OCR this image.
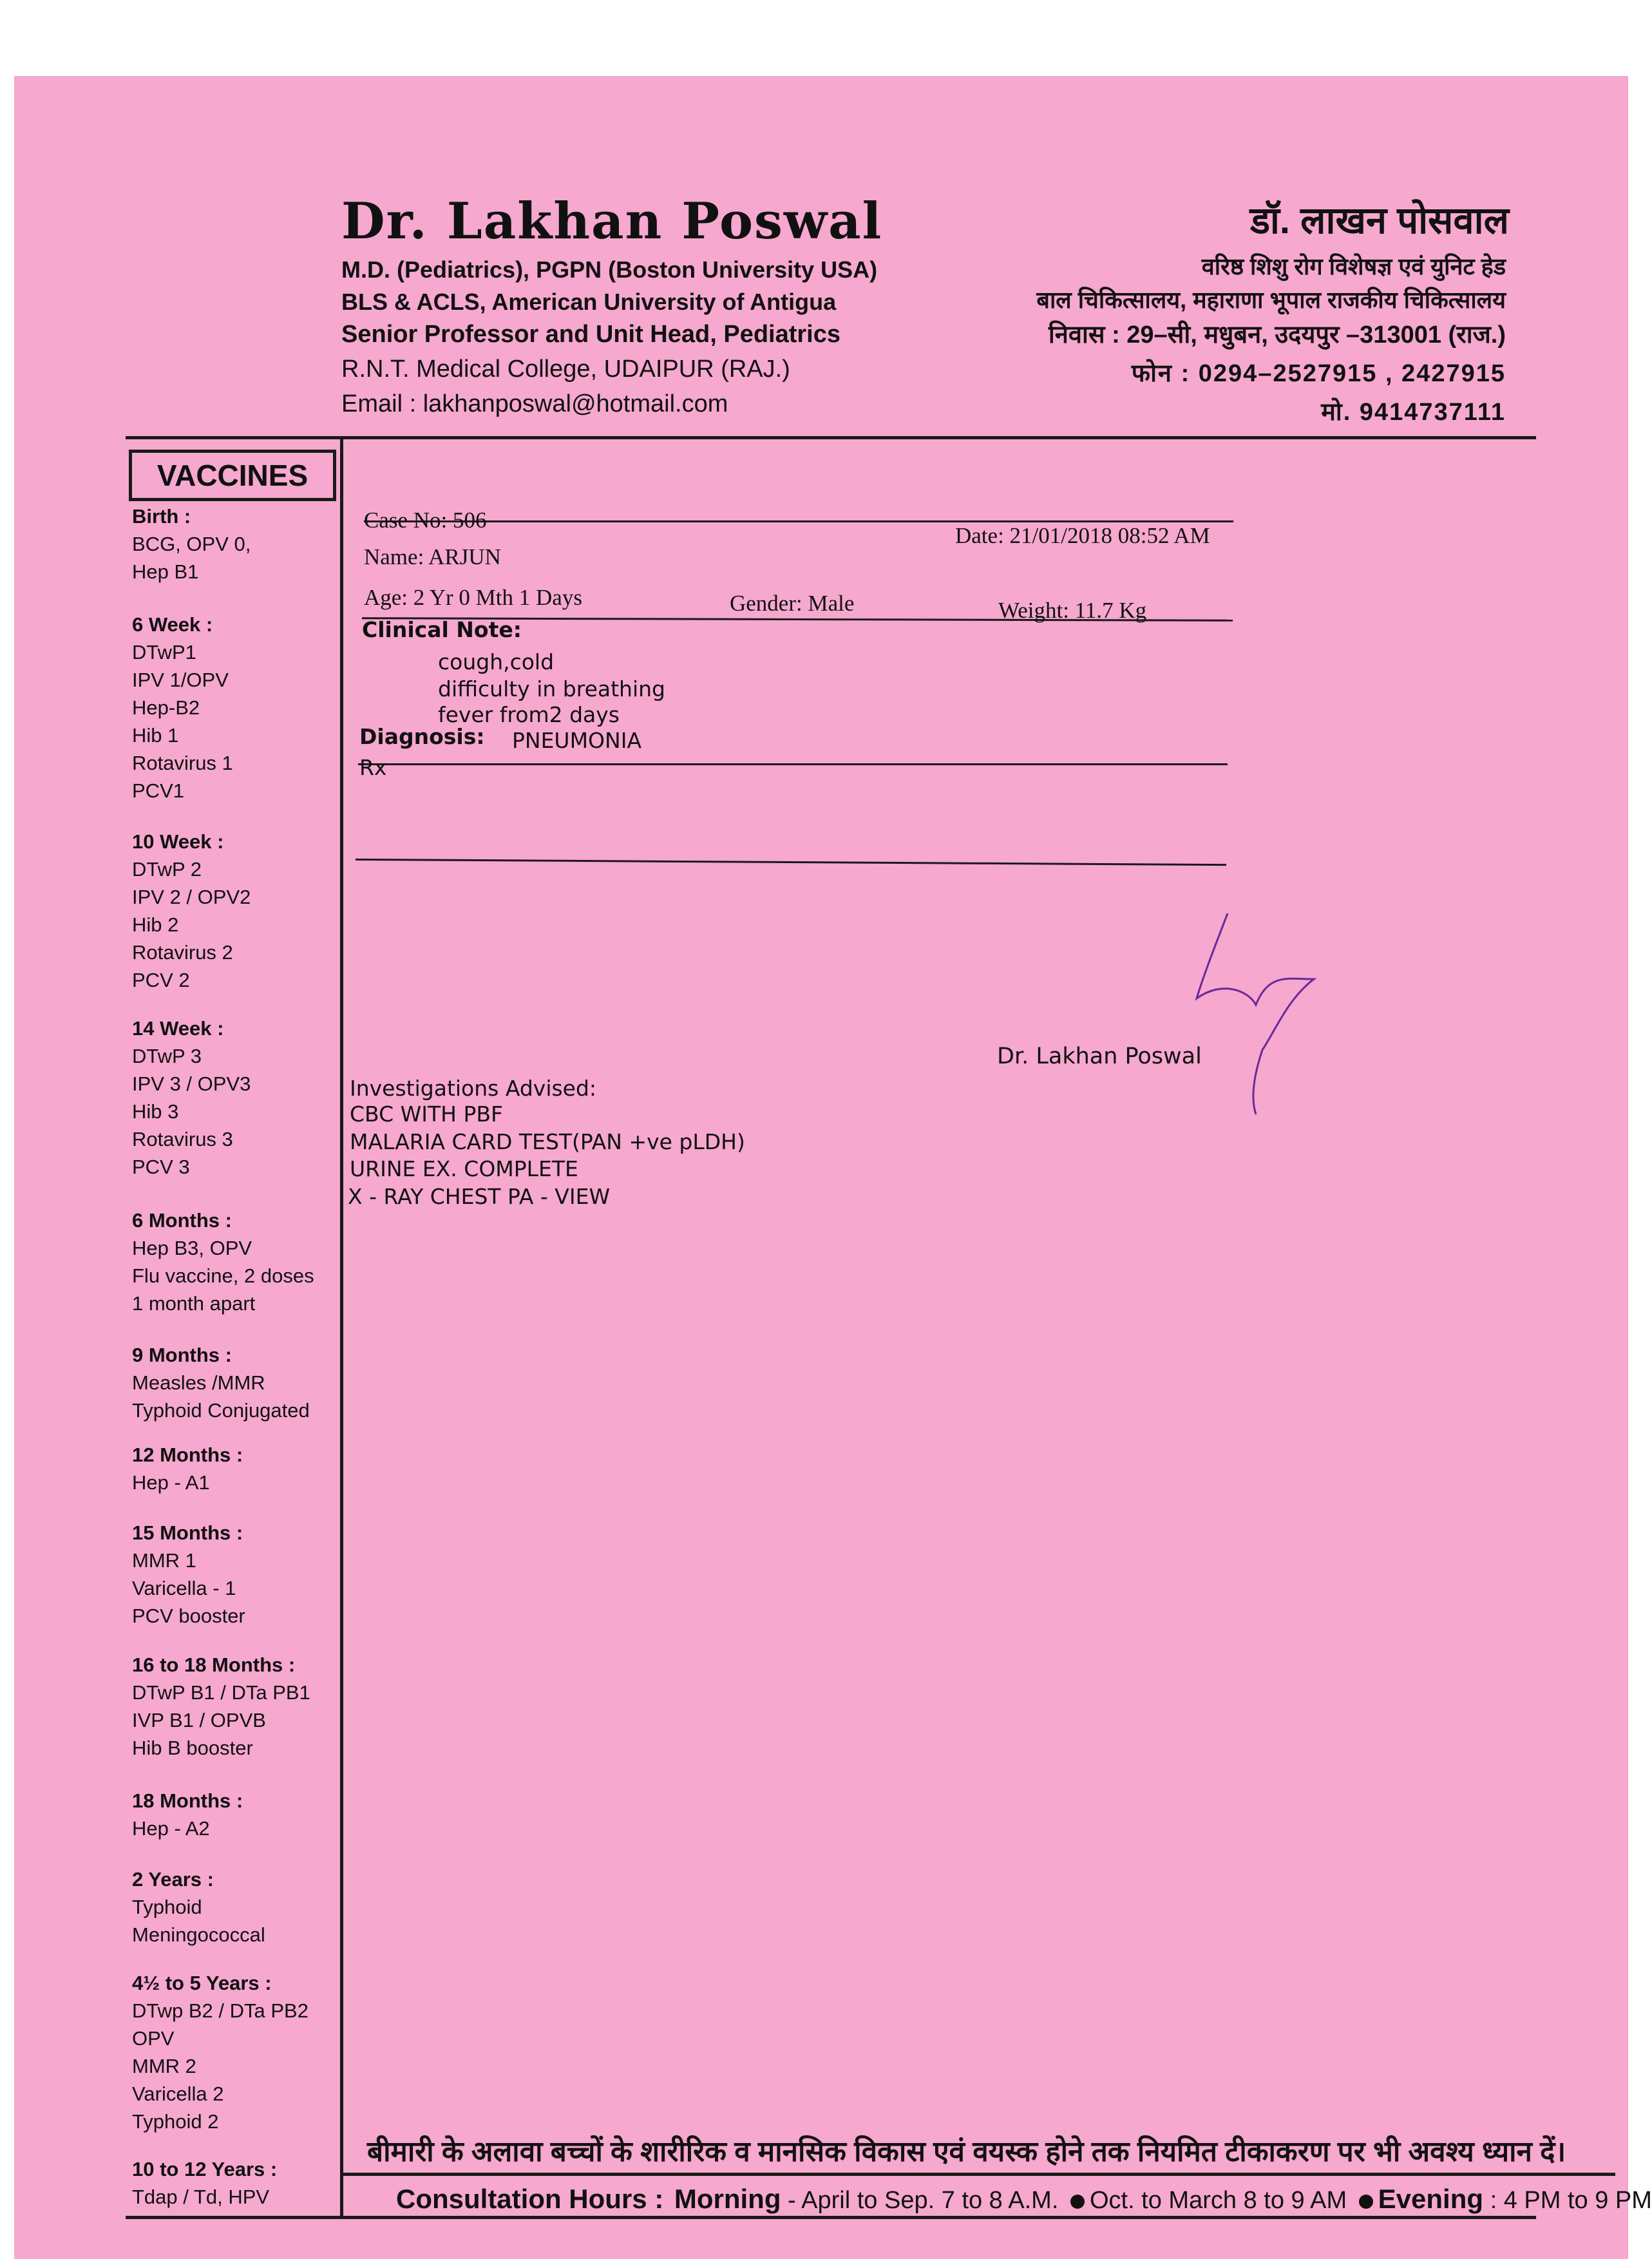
Dr. Lakhan Poswal
M.D. (Pediatrics), PGPN (Boston University USA)
BLS & ACLS, American University of Antigua
Senior Professor and Unit Head, Pediatrics
R.N.T. Medical College, UDAIPUR (RAJ.)
Email : lakhanposwal@hotmail.com
डॉ. लाखन पोसवाल
वरिष्ठ शिशु रोग विशेषज्ञ एवं युनिट हेड
बाल चिकित्सालय, महाराणा भूपाल राजकीय चिकित्सालय
निवास : 29–सी, मधुबन, उदयपुर –313001 (राज.)
फोन : 0294–2527915 , 2427915
मो. 9414737111
VACCINES
Birth :
BCG, OPV 0,
Hep B1
6 Week :
DTwP1
IPV 1/OPV
Hep-B2
Hib 1
Rotavirus 1
PCV1
10 Week :
DTwP 2
IPV 2 / OPV2
Hib 2
Rotavirus 2
PCV 2
14 Week :
DTwP 3
IPV 3 / OPV3
Hib 3
Rotavirus 3
PCV 3
6 Months :
Hep B3, OPV
Flu vaccine, 2 doses
1 month apart
9 Months :
Measles /MMR
Typhoid Conjugated
12 Months :
Hep - A1
15 Months :
MMR 1
Varicella - 1
PCV booster
16 to 18 Months :
DTwP B1 / DTa PB1
IVP B1 / OPVB
Hib B booster
18 Months :
Hep - A2
2 Years :
Typhoid
Meningococcal
4½ to 5 Years :
DTwp B2 / DTa PB2
OPV
MMR 2
Varicella 2
Typhoid 2
10 to 12 Years :
Tdap / Td, HPV
Case No: 506
Date: 21/01/2018 08:52 AM
Name: ARJUN
Age: 2 Yr 0 Mth 1 Days	Gender: Male	Weight: 11.7 Kg
Clinical Note:
cough,cold
difficulty in breathing
fever from2 days
Diagnosis: PNEUMONIA
Rx
Dr. Lakhan Poswal
Investigations Advised:
CBC WITH PBF
MALARIA CARD TEST(PAN +ve pLDH)
URINE EX. COMPLETE
X - RAY CHEST PA - VIEW
बीमारी के अलावा बच्चों के शारीरिक व मानसिक विकास एवं वयस्क होने तक नियमित टीकाकरण पर भी अवश्य ध्यान दें।
Consultation Hours : Morning - April to Sep. 7 to 8 A.M. Oct. to March 8 to 9 AM Evening : 4 PM to 9 PM
